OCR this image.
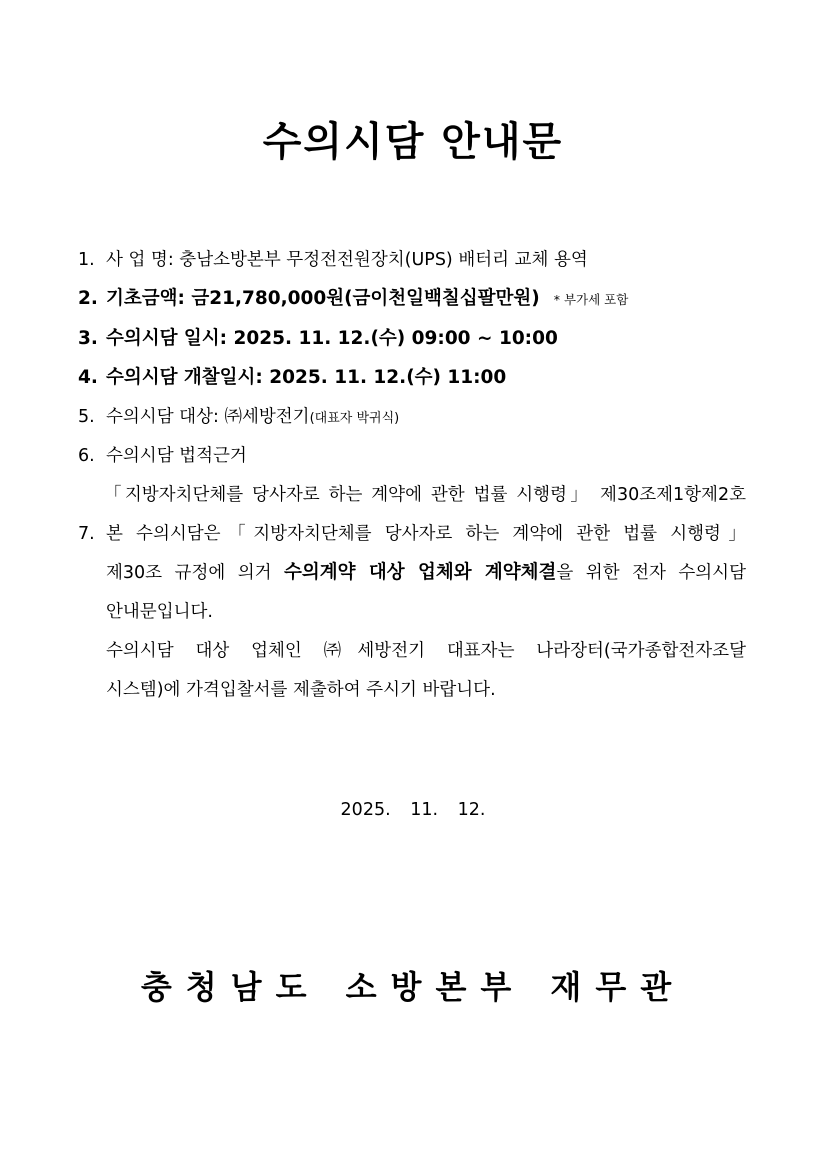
수의시담 안내문
1. 사 업 명: 충남소방본부 무정전전원장치(UPS) 배터리 교체 용역
2. 기초금액: 금21,780,000원(금이천일백칠십팔만원) * 부가세 포함
3. 수의시담 일시: 2025. 11. 12.(수) 09:00 ~ 10:00
4. 수의시담 개찰일시: 2025. 11. 12.(수) 11:00
5. 수의시담 대상: ㈜세방전기(대표자 박귀식)
6. 수의시담 법적근거
「지방자치단체를 당사자로 하는 계약에 관한 법률 시행령」 제30조제1항제2호
7. 본 수의시담은「지방자치단체를 당사자로 하는 계약에 관한 법률 시행령」
제30조 규정에 의거 수의계약 대상 업체와 계약체결을 위한 전자 수의시담
안내문입니다.
수의시담 대상 업체인 ㈜세방전기 대표자는 나라장터(국가종합전자조달
시스템)에 가격입찰서를 제출하여 주시기 바랍니다.
2025. 11. 12.
충청남도 소방본부 재무관
